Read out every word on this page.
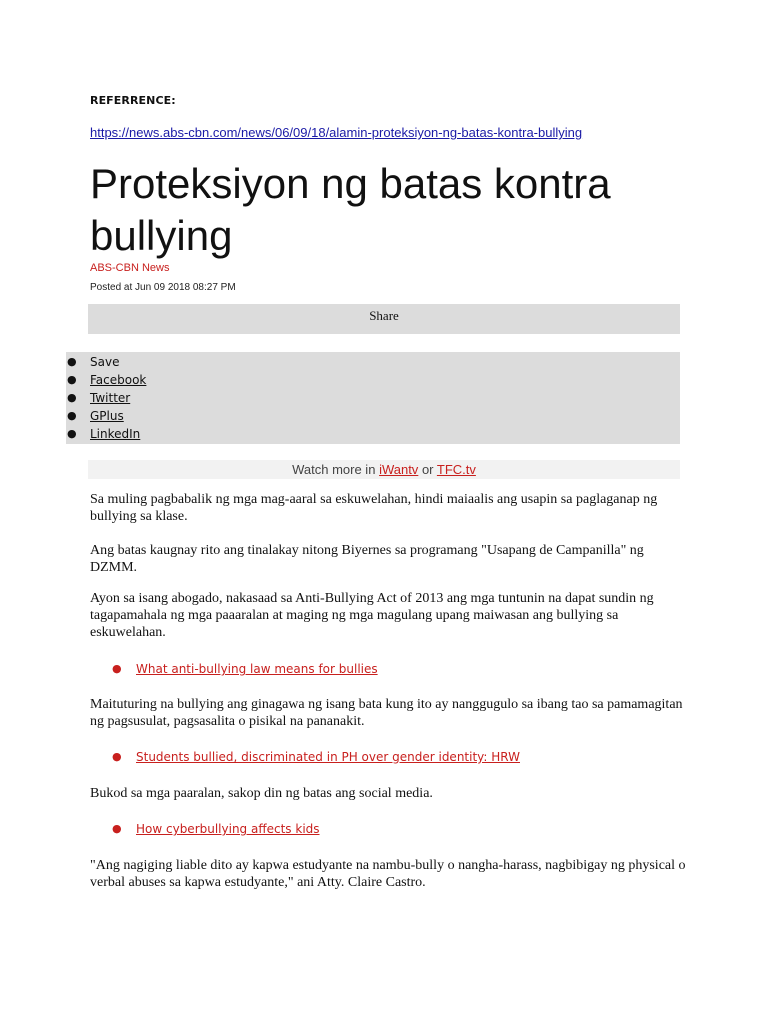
REFERRENCE:
https://news.abs-cbn.com/news/06/09/18/alamin-proteksiyon-ng-batas-kontra-bullying
Proteksiyon ng batas kontra bullying
ABS-CBN News
Posted at Jun 09 2018 08:27 PM
Share
● Save
● Facebook
● Twitter
● GPlus
● LinkedIn
Watch more in iWantv or TFC.tv

Sa muling pagbabalik ng mga mag-aaral sa eskuwelahan, hindi maiaalis ang usapin sa paglaganap ng bullying sa klase.

Ang batas kaugnay rito ang tinalakay nitong Biyernes sa programang "Usapang de Campanilla" ng DZMM.

Ayon sa isang abogado, nakasaad sa Anti-Bullying Act of 2013 ang mga tuntunin na dapat sundin ng tagapamahala ng mga paaaralan at maging ng mga magulang upang maiwasan ang bullying sa eskuwelahan.

● What anti-bullying law means for bullies

Maituturing na bullying ang ginagawa ng isang bata kung ito ay nanggugulo sa ibang tao sa pamamagitan ng pagsusulat, pagsasalita o pisikal na pananakit.

● Students bullied, discriminated in PH over gender identity: HRW

Bukod sa mga paaralan, sakop din ng batas ang social media.

● How cyberbullying affects kids

"Ang nagiging liable dito ay kapwa estudyante na nambu-bully o nangha-harass, nagbibigay ng physical o verbal abuses sa kapwa estudyante," ani Atty. Claire Castro.
